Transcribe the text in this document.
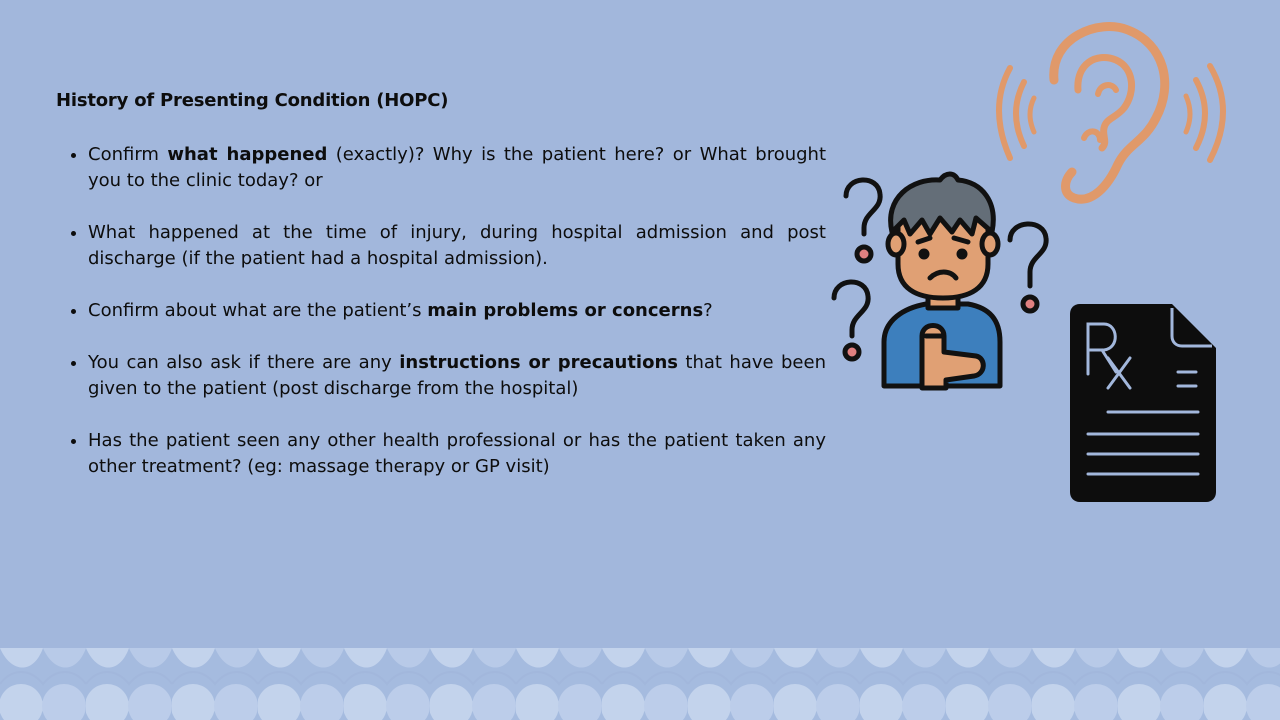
History of Presenting Condition (HOPC)
• Confirm what happened (exactly)? Why is the patient here? or What brought you to the clinic today? or
• What happened at the time of injury, during hospital admission and post discharge (if the patient had a hospital admission).
• Confirm about what are the patient’s main problems or concerns?
• You can also ask if there are any instructions or precautions that have been given to the patient (post discharge from the hospital)
• Has the patient seen any other health professional or has the patient taken any other treatment? (eg: massage therapy or GP visit)
